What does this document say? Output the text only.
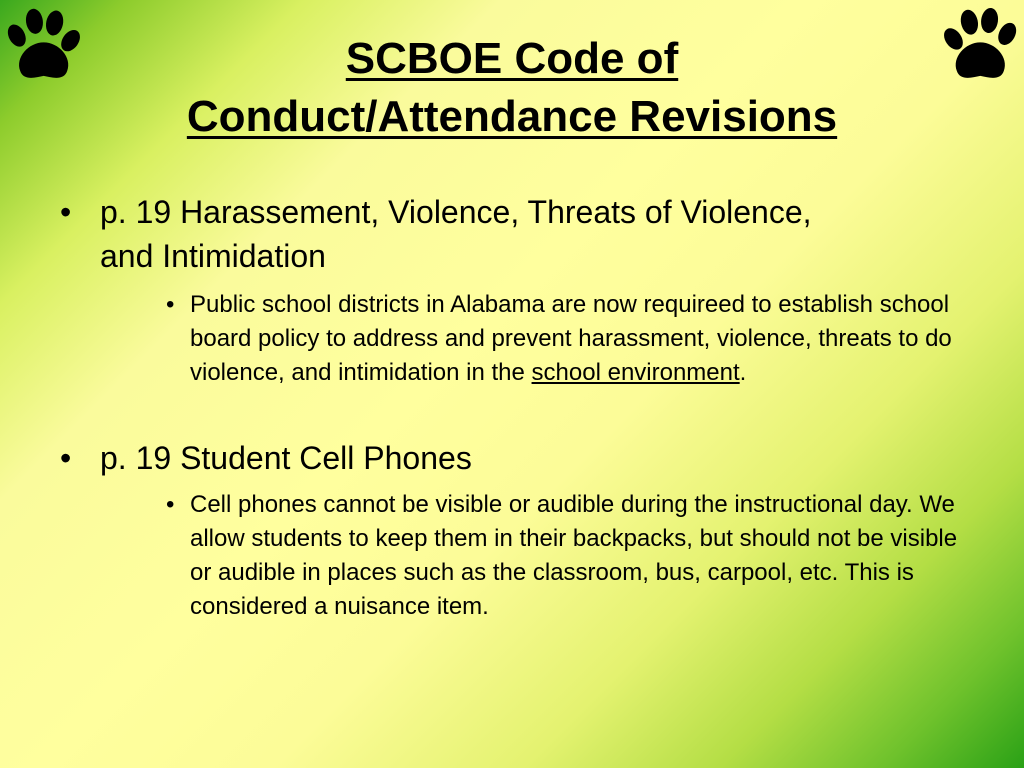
SCBOE Code of
Conduct/Attendance Revisions
• p. 19 Harassement, Violence, Threats of Violence, and Intimidation
• Public school districts in Alabama are now requireed to establish school board policy to address and prevent harassment, violence, threats to do violence, and intimidation in the school environment.
• p. 19 Student Cell Phones
• Cell phones cannot be visible or audible during the instructional day. We allow students to keep them in their backpacks, but should not be visible or audible in places such as the classroom, bus, carpool, etc. This is considered a nuisance item.
